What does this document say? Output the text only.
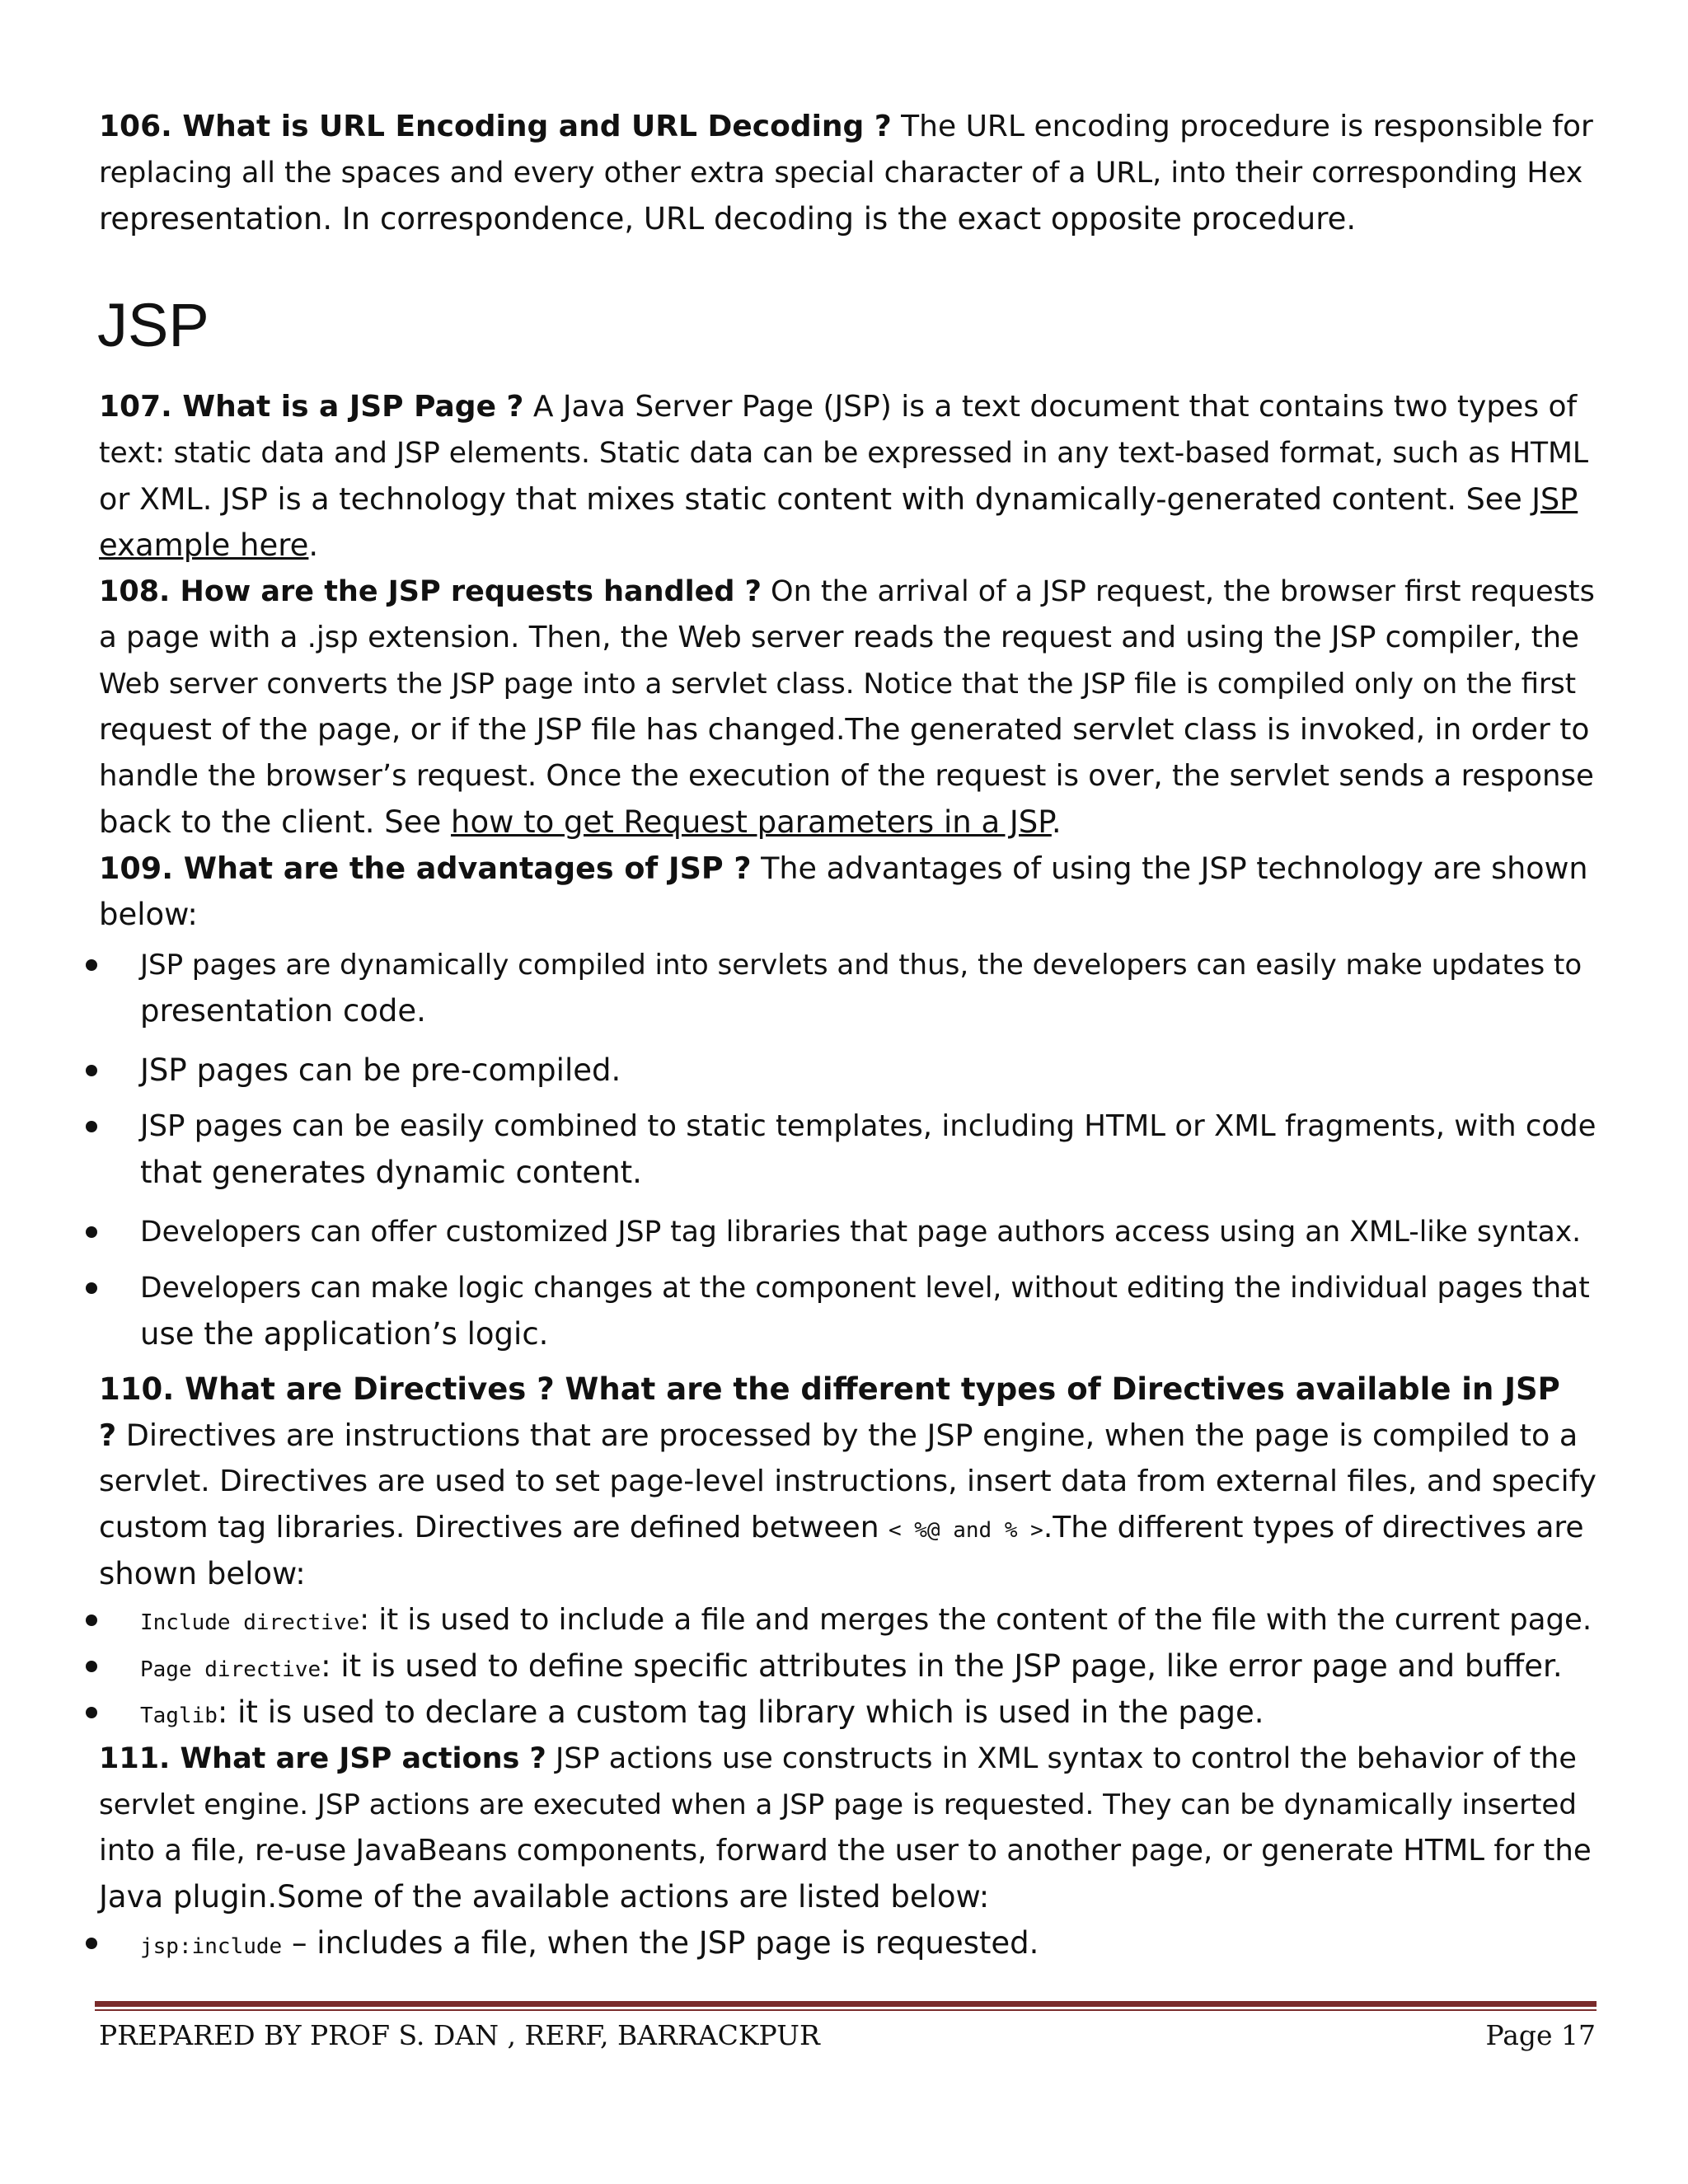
106. What is URL Encoding and URL Decoding ? The URL encoding procedure is responsible for
replacing all the spaces and every other extra special character of a URL, into their corresponding Hex
representation. In correspondence, URL decoding is the exact opposite procedure.
JSP
107. What is a JSP Page ? A Java Server Page (JSP) is a text document that contains two types of
text: static data and JSP elements. Static data can be expressed in any text-based format, such as HTML
or XML. JSP is a technology that mixes static content with dynamically-generated content. See JSP
example here.
108. How are the JSP requests handled ? On the arrival of a JSP request, the browser first requests
a page with a .jsp extension. Then, the Web server reads the request and using the JSP compiler, the
Web server converts the JSP page into a servlet class. Notice that the JSP file is compiled only on the first
request of the page, or if the JSP file has changed.The generated servlet class is invoked, in order to
handle the browser’s request. Once the execution of the request is over, the servlet sends a response
back to the client. See how to get Request parameters in a JSP.
109. What are the advantages of JSP ? The advantages of using the JSP technology are shown
below:
JSP pages are dynamically compiled into servlets and thus, the developers can easily make updates to
presentation code.
JSP pages can be pre-compiled.
JSP pages can be easily combined to static templates, including HTML or XML fragments, with code
that generates dynamic content.
Developers can offer customized JSP tag libraries that page authors access using an XML-like syntax.
Developers can make logic changes at the component level, without editing the individual pages that
use the application’s logic.
110. What are Directives ? What are the different types of Directives available in JSP
? Directives are instructions that are processed by the JSP engine, when the page is compiled to a
servlet. Directives are used to set page-level instructions, insert data from external files, and specify
custom tag libraries. Directives are defined between < %@ and % >.The different types of directives are
shown below:
Include directive: it is used to include a file and merges the content of the file with the current page.
Page directive: it is used to define specific attributes in the JSP page, like error page and buffer.
Taglib: it is used to declare a custom tag library which is used in the page.
111. What are JSP actions ? JSP actions use constructs in XML syntax to control the behavior of the
servlet engine. JSP actions are executed when a JSP page is requested. They can be dynamically inserted
into a file, re-use JavaBeans components, forward the user to another page, or generate HTML for the
Java plugin.Some of the available actions are listed below:
jsp:include – includes a file, when the JSP page is requested.
PREPARED BY PROF S. DAN , RERF, BARRACKPUR	Page 17
